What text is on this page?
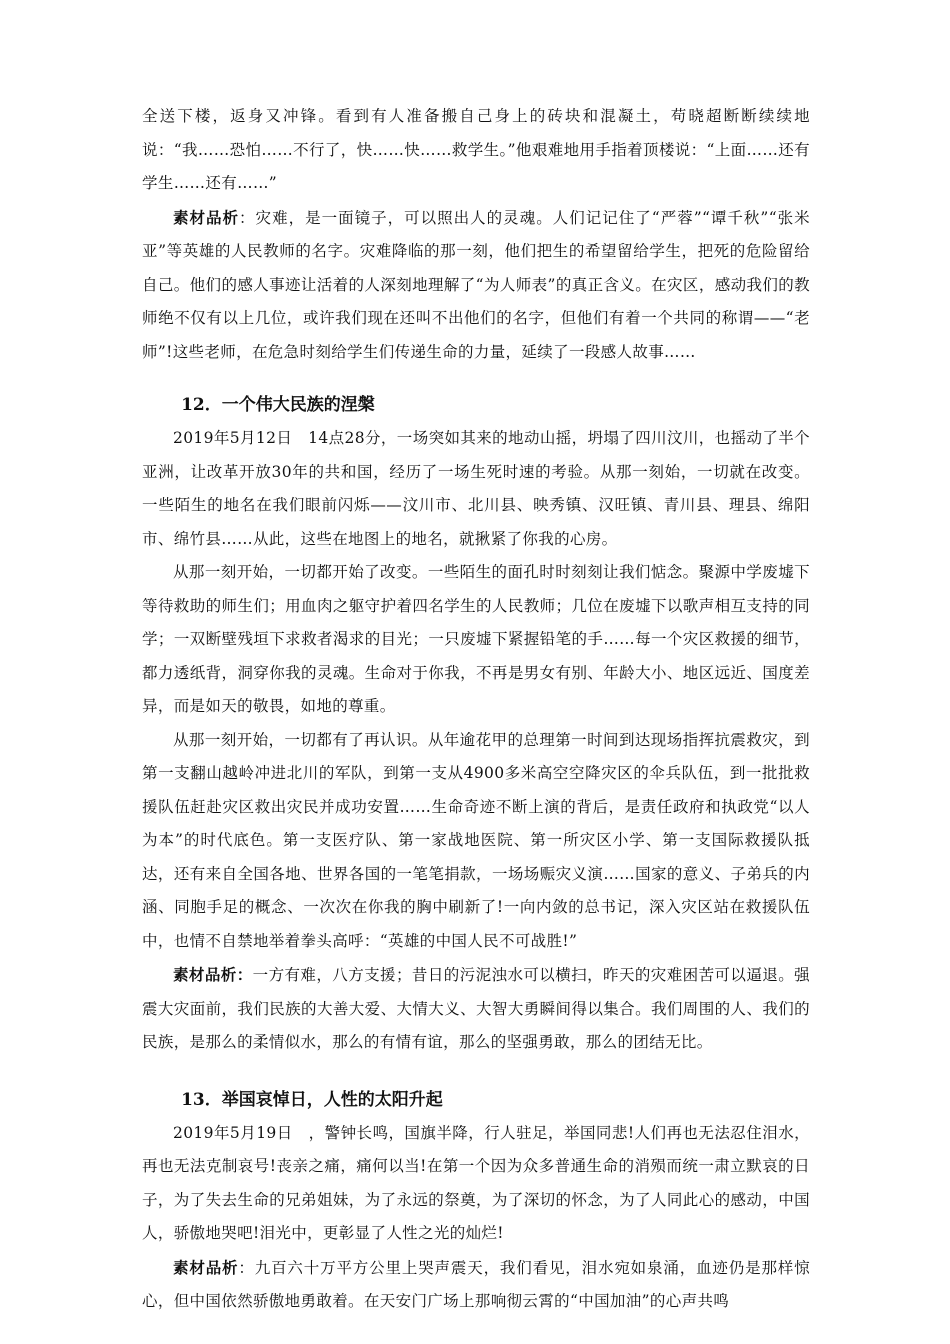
全送下楼，返身又冲锋。看到有人准备搬自己身上的砖块和混凝土，苟晓超断断续续地说：“我……恐怕……不行了，快……快……救学生。”他艰难地用手指着顶楼说：“上面……还有学生……还有……”

素材品析：灾难，是一面镜子，可以照出人的灵魂。人们记记住了“严蓉”“谭千秋”“张米亚”等英雄的人民教师的名字。灾难降临的那一刻，他们把生的希望留给学生，把死的危险留给自己。他们的感人事迹让活着的人深刻地理解了“为人师表”的真正含义。在灾区，感动我们的教师绝不仅有以上几位，或许我们现在还叫不出他们的名字，但他们有着一个共同的称谓——“老师”!这些老师，在危急时刻给学生们传递生命的力量，延续了一段感人故事……

12．一个伟大民族的涅槃

2019年5月12日　14点28分，一场突如其来的地动山摇，坍塌了四川汶川，也摇动了半个亚洲，让改革开放30年的共和国，经历了一场生死时速的考验。从那一刻始，一切就在改变。一些陌生的地名在我们眼前闪烁——汶川市、北川县、映秀镇、汉旺镇、青川县、理县、绵阳市、绵竹县……从此，这些在地图上的地名，就揪紧了你我的心房。

从那一刻开始，一切都开始了改变。一些陌生的面孔时时刻刻让我们惦念。聚源中学废墟下等待救助的师生们；用血肉之躯守护着四名学生的人民教师；几位在废墟下以歌声相互支持的同学；一双断壁残垣下求救者渴求的目光；一只废墟下紧握铅笔的手……每一个灾区救援的细节，都力透纸背，洞穿你我的灵魂。生命对于你我，不再是男女有别、年龄大小、地区远近、国度差异，而是如天的敬畏，如地的尊重。

从那一刻开始，一切都有了再认识。从年逾花甲的总理第一时间到达现场指挥抗震救灾，到第一支翻山越岭冲进北川的军队，到第一支从4900多米高空空降灾区的伞兵队伍，到一批批救援队伍赶赴灾区救出灾民并成功安置……生命奇迹不断上演的背后，是责任政府和执政党“以人为本”的时代底色。第一支医疗队、第一家战地医院、第一所灾区小学、第一支国际救援队抵达，还有来自全国各地、世界各国的一笔笔捐款，一场场赈灾义演……国家的意义、子弟兵的内涵、同胞手足的概念、一次次在你我的胸中刷新了!一向内敛的总书记，深入灾区站在救援队伍中，也情不自禁地举着拳头高呼：“英雄的中国人民不可战胜!”

素材品析：一方有难，八方支援；昔日的污泥浊水可以横扫，昨天的灾难困苦可以逼退。强震大灾面前，我们民族的大善大爱、大情大义、大智大勇瞬间得以集合。我们周围的人、我们的民族，是那么的柔情似水，那么的有情有谊，那么的坚强勇敢，那么的团结无比。

13．举国哀悼日，人性的太阳升起

2019年5月19日　，警钟长鸣，国旗半降，行人驻足，举国同悲!人们再也无法忍住泪水，再也无法克制哀号!丧亲之痛，痛何以当!在第一个因为众多普通生命的消殒而统一肃立默哀的日子，为了失去生命的兄弟姐妹，为了永远的祭奠，为了深切的怀念，为了人同此心的感动，中国人，骄傲地哭吧!泪光中，更彰显了人性之光的灿烂!

素材品析：九百六十万平方公里上哭声震天，我们看见，泪水宛如泉涌，血迹仍是那样惊心，但中国依然骄傲地勇敢着。在天安门广场上那响彻云霄的“中国加油”的心声共鸣
